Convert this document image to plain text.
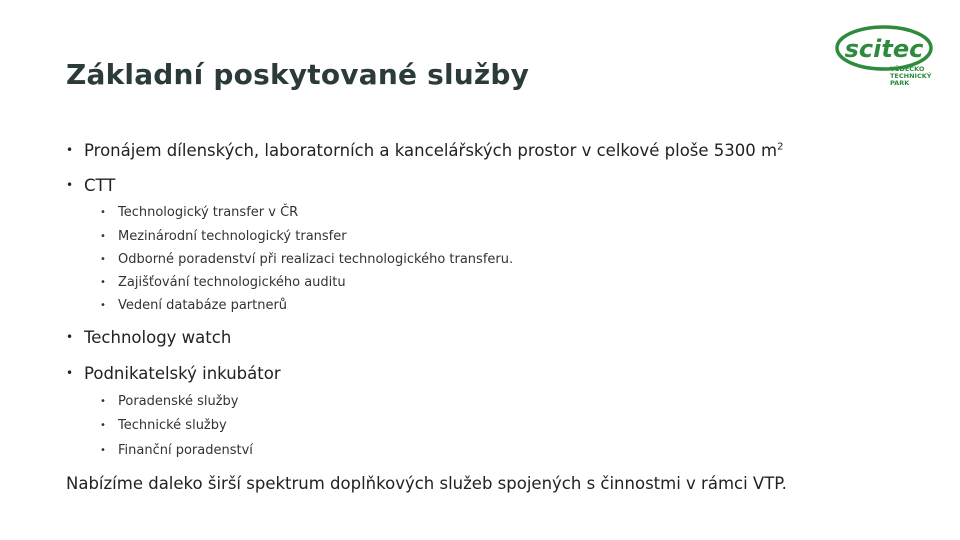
Základní poskytované služby
scitec
VĚDECKO
TECHNICKÝ
PARK
• Pronájem dílenských, laboratorních a kancelářských prostor v celkové ploše 5300 $m^2$
• CTT
• Technologický transfer v ČR
• Mezinárodní technologický transfer
• Odborné poradenství při realizaci technologického transferu.
• Zajišťování technologického auditu
• Vedení databáze partnerů
• Technology watch
• Podnikatelský inkubátor
• Poradenské služby
• Technické služby
• Finanční poradenství
Nabízíme daleko širší spektrum doplňkových služeb spojených s činnostmi v rámci VTP.
